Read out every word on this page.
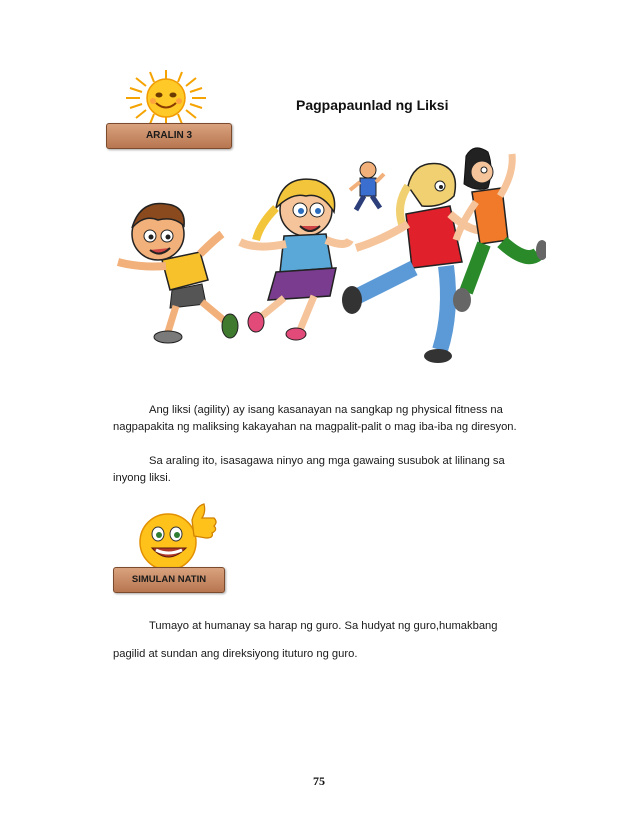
ARALIN 3
Pagpapaunlad ng Liksi

Ang liksi (agility) ay isang kasanayan na sangkap ng physical fitness na nagpapakita ng maliksing kakayahan na magpalit-palit o mag iba-iba ng diresyon.

Sa araling ito, isasagawa ninyo ang mga gawaing susubok at lilinang sa inyong liksi.

SIMULAN NATIN
Tumayo at humanay sa harap ng guro. Sa hudyat ng guro,humakbang
pagilid at sundan ang direksiyong ituturo ng guro.
75
